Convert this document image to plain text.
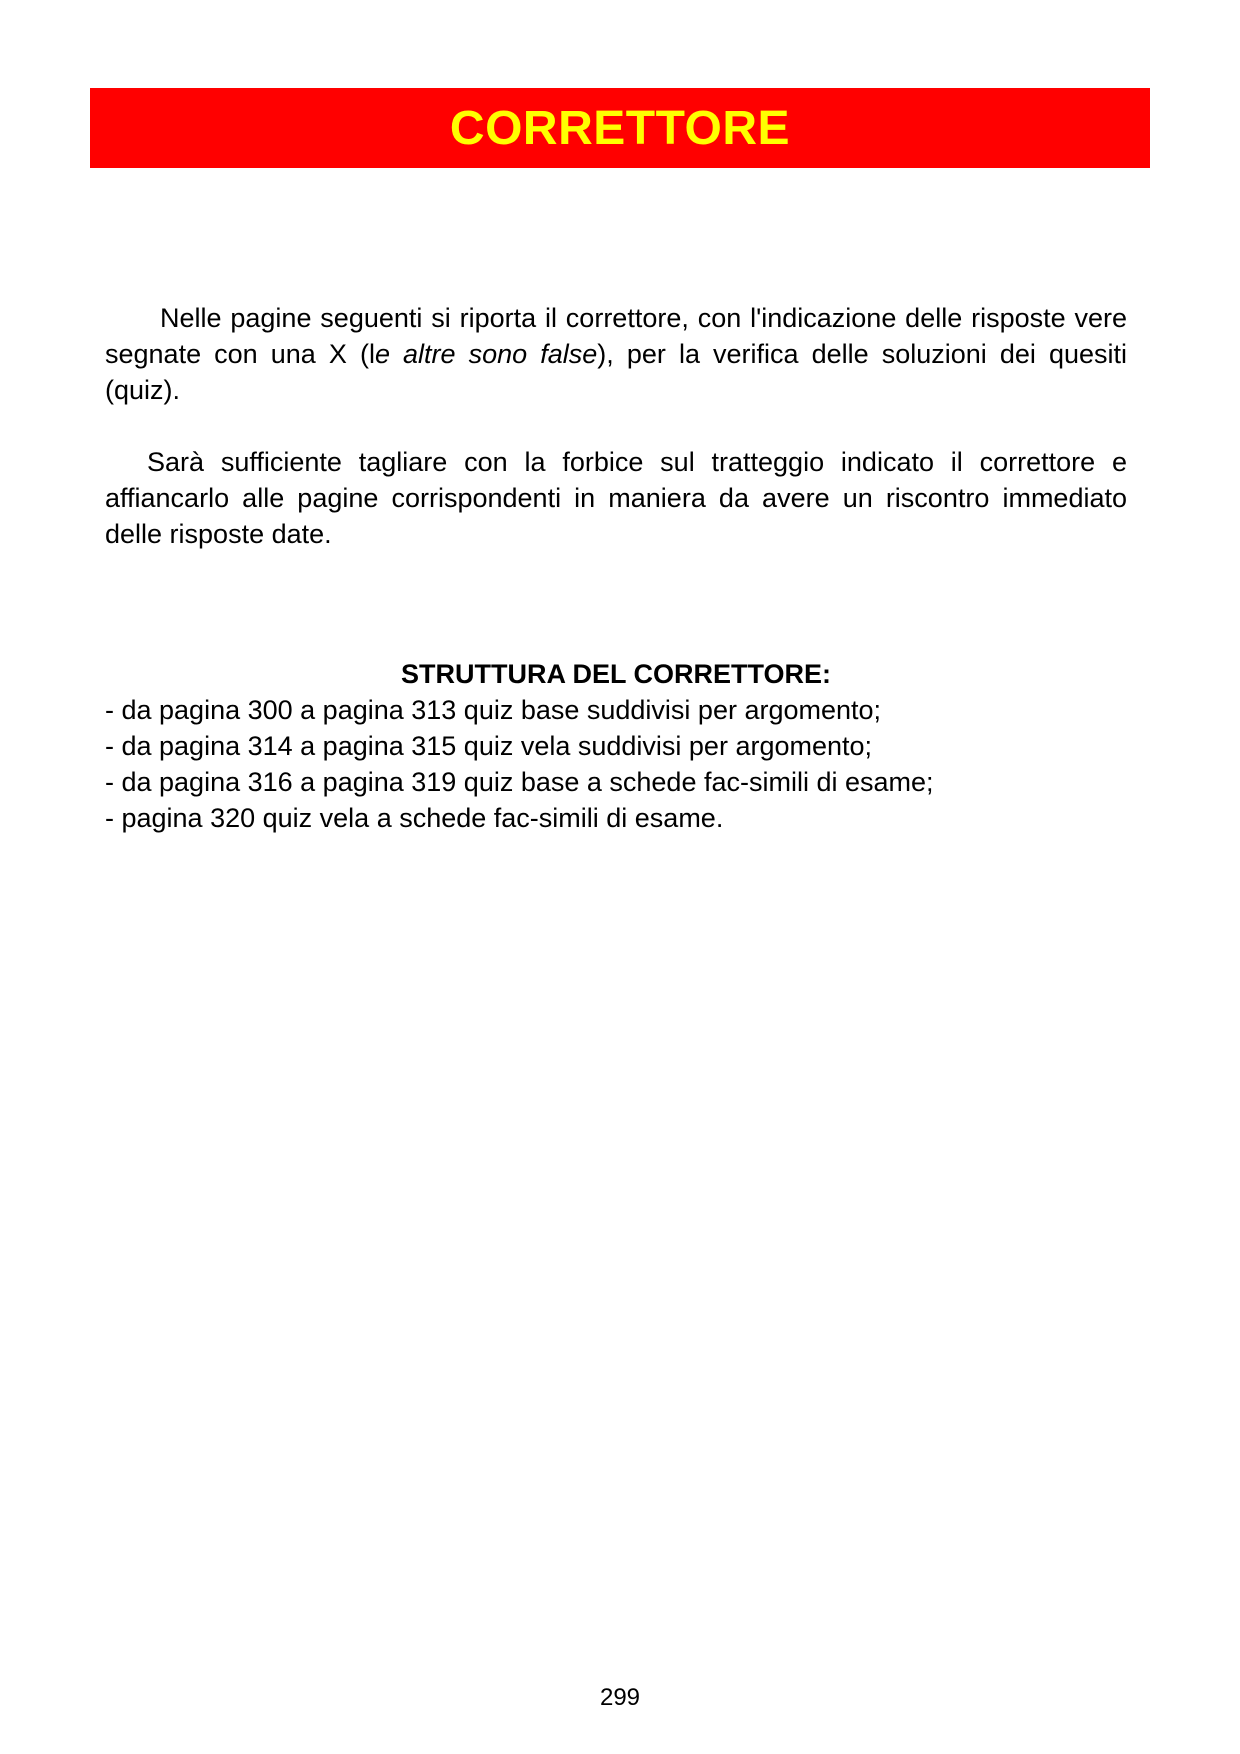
CORRETTORE

Nelle pagine seguenti si riporta il correttore, con l'indicazione delle risposte vere segnate con una X (le altre sono false), per la verifica delle soluzioni dei quesiti (quiz).

Sarà sufficiente tagliare con la forbice sul tratteggio indicato il correttore e affiancarlo alle pagine corrispondenti in maniera da avere un riscontro immediato delle risposte date.

STRUTTURA DEL CORRETTORE:

- da pagina 300 a pagina 313 quiz base suddivisi per argomento;
- da pagina 314 a pagina 315 quiz vela suddivisi per argomento;
- da pagina 316 a pagina 319 quiz base a schede fac-simili di esame;
- pagina 320 quiz vela a schede fac-simili di esame.
299
